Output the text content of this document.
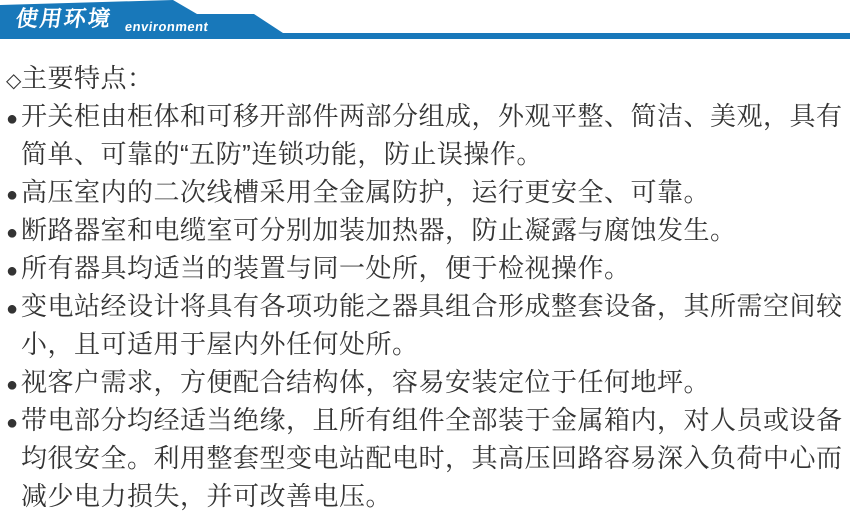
使用环境 environment
◇主要特点：
● 开关柜由柜体和可移开部件两部分组成，外观平整、简洁、美观，具有
简单、可靠的“五防”连锁功能，防止误操作。
● 高压室内的二次线槽采用全金属防护，运行更安全、可靠。
● 断路器室和电缆室可分别加装加热器，防止凝露与腐蚀发生。
● 所有器具均适当的装置与同一处所，便于检视操作。
● 变电站经设计将具有各项功能之器具组合形成整套设备，其所需空间较
小，且可适用于屋内外任何处所。
● 视客户需求，方便配合结构体，容易安装定位于任何地坪。
● 带电部分均经适当绝缘，且所有组件全部装于金属箱内，对人员或设备
均很安全。利用整套型变电站配电时，其高压回路容易深入负荷中心而
减少电力损失，并可改善电压。
